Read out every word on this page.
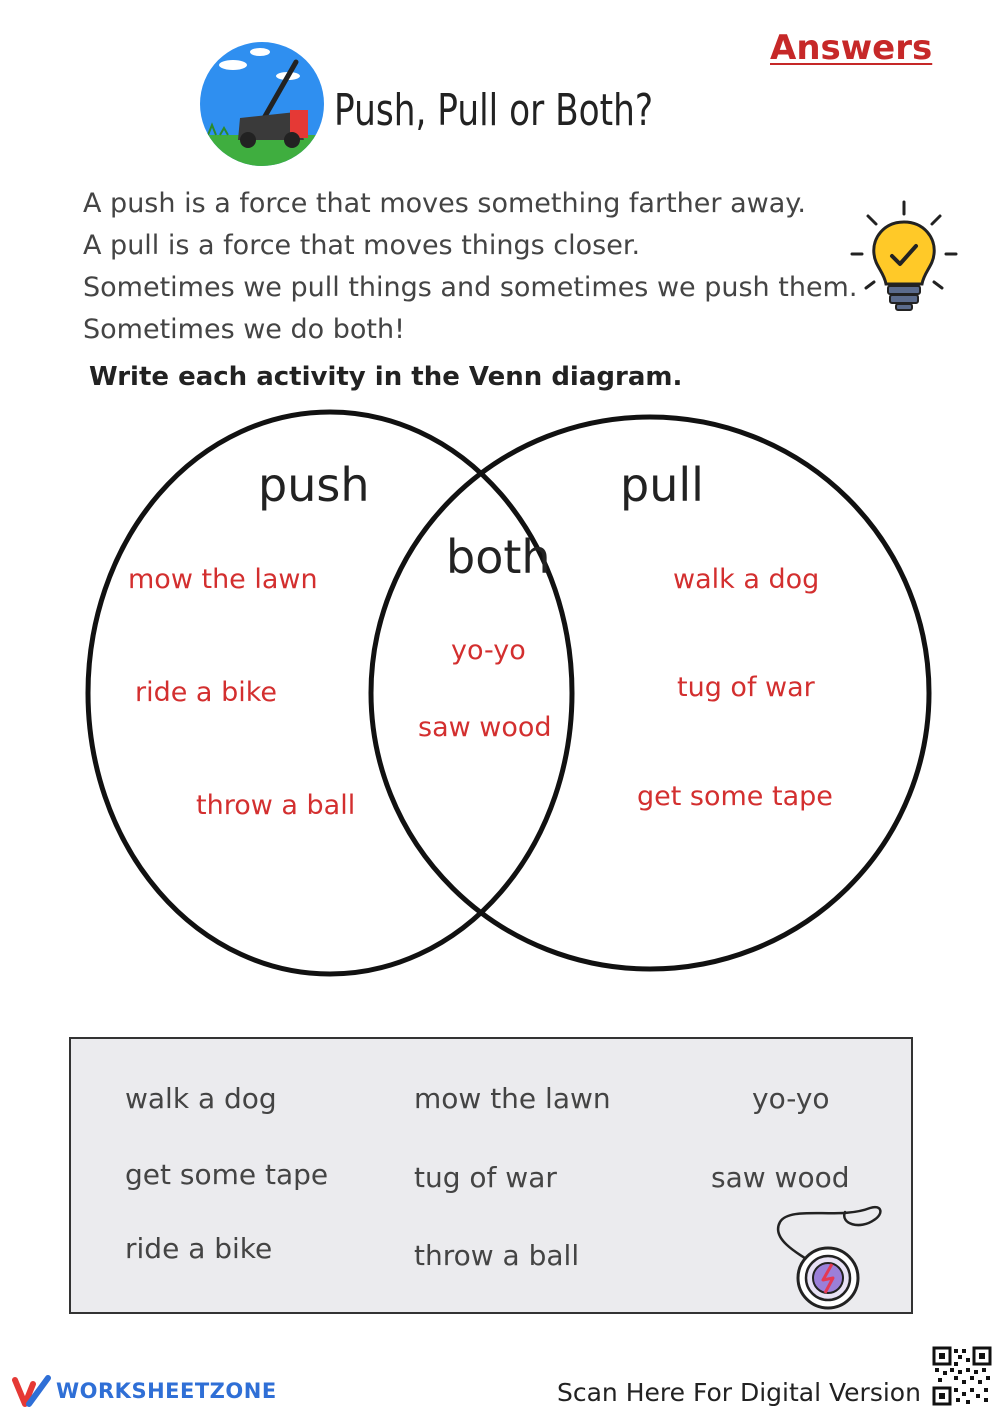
Answers
Push, Pull or Both?
A push is a force that moves something farther away.
A pull is a force that moves things closer.
Sometimes we pull things and sometimes we push them.
Sometimes we do both!
Write each activity in the Venn diagram.
push
both
pull
mow the lawn
ride a bike
throw a ball
yo-yo
saw wood
walk a dog
tug of war
get some tape
walk a dog	mow the lawn	yo-yo
get some tape	tug of war	saw wood
ride a bike	throw a ball
WORKSHEETZONE	Scan Here For Digital Version
